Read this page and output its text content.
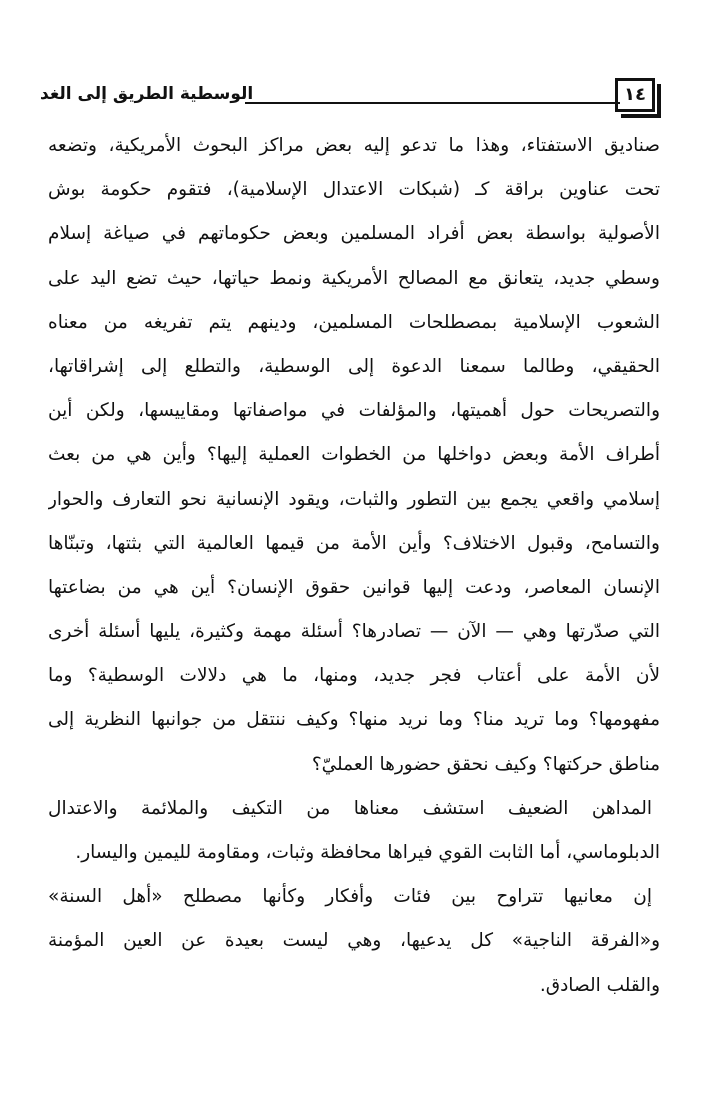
الوسطية الطريق إلى الغد	١٤
صناديق الاستفتاء، وهذا ما تدعو إليه بعض مراكز البحوث الأمريكية، وتضعه
تحت عناوين براقة كـ (شبكات الاعتدال الإسلامية)، فتقوم حكومة بوش
الأصولية بواسطة بعض أفراد المسلمين وبعض حكوماتهم في صياغة إسلام
وسطي جديد، يتعانق مع المصالح الأمريكية ونمط حياتها، حيث تضع اليد على
الشعوب الإسلامية بمصطلحات المسلمين، ودينهم يتم تفريغه من معناه
الحقيقي، وطالما سمعنا الدعوة إلى الوسطية، والتطلع إلى إشراقاتها،
والتصريحات حول أهميتها، والمؤلفات في مواصفاتها ومقاييسها، ولكن أين
أطراف الأمة وبعض دواخلها من الخطوات العملية إليها؟ وأين هي من بعث
إسلامي واقعي يجمع بين التطور والثبات، ويقود الإنسانية نحو التعارف والحوار
والتسامح، وقبول الاختلاف؟ وأين الأمة من قيمها العالمية التي بثتها، وتبنّاها
الإنسان المعاصر، ودعت إليها قوانين حقوق الإنسان؟ أين هي من بضاعتها
التي صدّرتها وهي — الآن — تصادرها؟ أسئلة مهمة وكثيرة، يليها أسئلة أخرى
لأن الأمة على أعتاب فجر جديد، ومنها، ما هي دلالات الوسطية؟ وما
مفهومها؟ وما تريد منا؟ وما نريد منها؟ وكيف ننتقل من جوانبها النظرية إلى
مناطق حركتها؟ وكيف نحقق حضورها العمليّ؟
المداهن الضعيف استشف معناها من التكيف والملائمة والاعتدال
الدبلوماسي، أما الثابت القوي فيراها محافظة وثبات، ومقاومة لليمين واليسار.
إن معانيها تتراوح بين فئات وأفكار وكأنها مصطلح «أهل السنة»
و«الفرقة الناجية» كل يدعيها، وهي ليست بعيدة عن العين المؤمنة
والقلب الصادق.
